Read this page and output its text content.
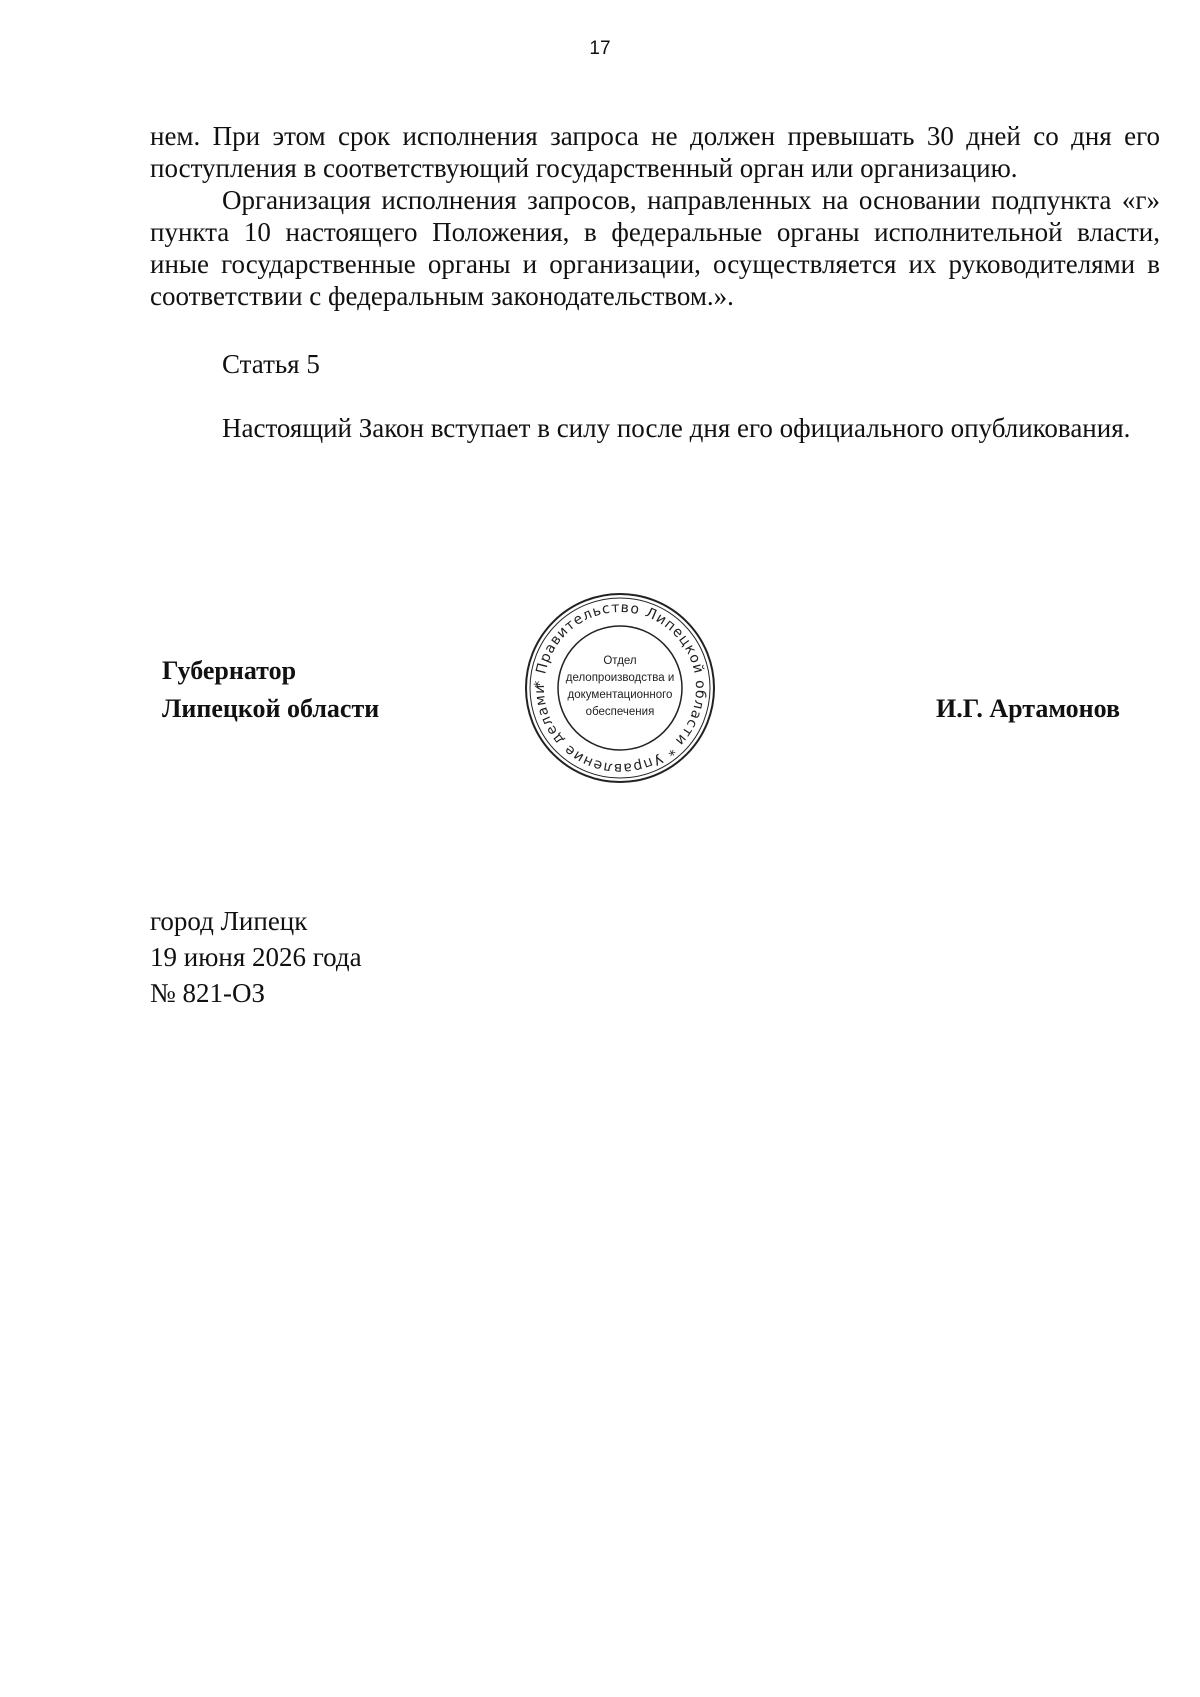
17

нем. При этом срок исполнения запроса не должен превышать 30 дней со дня его поступления в соответствующий государственный орган или организацию.

Организация исполнения запросов, направленных на основании подпункта «г» пункта 10 настоящего Положения, в федеральные органы исполнительной власти, иные государственные органы и организации, осуществляется их руководителями в соответствии с федеральным законодательством.».

Статья 5

Настоящий Закон вступает в силу после дня его официального опубликования.

Губернатор
Липецкой области
* Правительство Липецкой области * Управление делами
Отдел
делопроизводства и
документационного
обеспечения	И.Г. Артамонов
город Липецк
19 июня 2026 года
№ 821-ОЗ
